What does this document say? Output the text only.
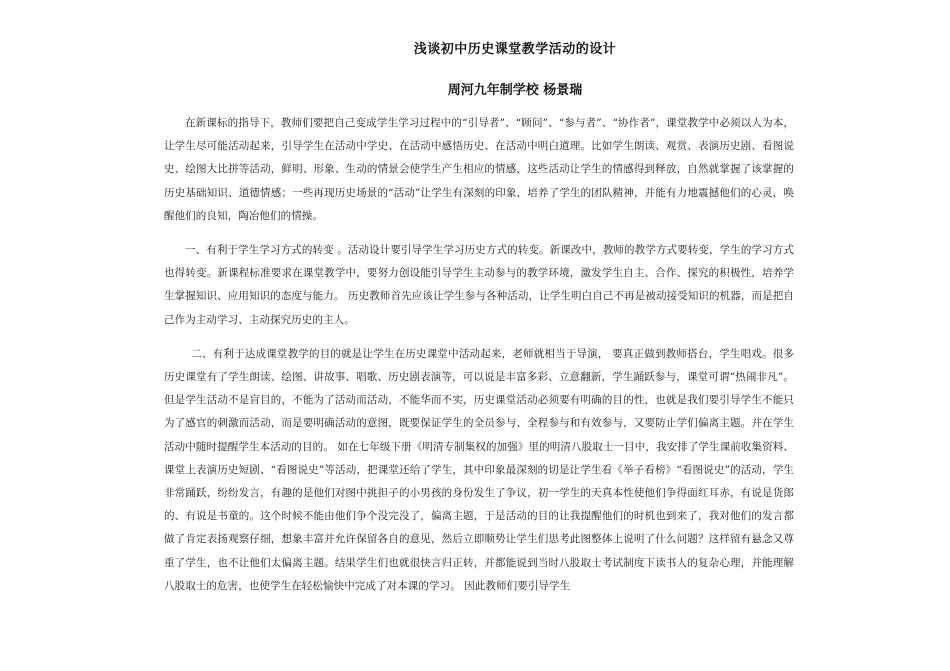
浅谈初中历史课堂教学活动的设计
周河九年制学校 杨景瑞

在新课标的指导下，教师们要把自己变成学生学习过程中的“引导者”、“顾问”、“参与者”、“协作者”，课堂教学中必须以人为本，让学生尽可能活动起来，引导学生在活动中学史、在活动中感悟历史、在活动中明白道理。比如学生朗读、观赏、表演历史剧、看图说史、绘图大比拼等活动，鲜明、形象、生动的情景会使学生产生相应的情感，这些活动让学生的情感得到释放，自然就掌握了该掌握的历史基础知识、道德情感；一些再现历史场景的“活动”让学生有深刻的印象，培养了学生的团队精神，并能有力地震撼他们的心灵，唤醒他们的良知，陶冶他们的情操。

一、有利于学生学习方式的转变 。活动设计要引导学生学习历史方式的转变。新课改中，教师的教学方式要转变，学生的学习方式也得转变。新课程标准要求在课堂教学中，要努力创设能引导学生主动参与的教学环境，激发学生自主、合作、探究的积极性，培养学生掌握知识、应用知识的态度与能力。 历史教师首先应该让学生参与各种活动，让学生明白自己不再是被动接受知识的机器，而是把自己作为主动学习、主动探究历史的主人。

二、有利于达成课堂教学的目的就是让学生在历史课堂中活动起来，老师就相当于导演， 要真正做到教师搭台，学生唱戏。很多历史课堂有了学生朗读、绘图、讲故事、唱歌、历史剧表演等，可以说是丰富多彩、立意翻新，学生踊跃参与，课堂可谓“热闹非凡”。但是学生活动不是盲目的，不能为了活动而活动，不能华而不实，历史课堂活动必须要有明确的目的性，也就是我们要引导学生不能只为了感官的刺激而活动，而是要明确活动的意图，既要保证学生的全员参与、全程参与和有效参与，又要防止学们偏离主题。并在学生活动中随时提醒学生本活动的目的。 如在七年级下册《明清专制集权的加强》里的明清八股取士一目中，我安排了学生课前收集资料、课堂上表演历史短剧、“看图说史”等活动，把课堂还给了学生，其中印象最深刻的切是让学生看《举子看榜》“看图说史”的活动，学生非常踊跃，纷纷发言，有趣的是他们对图中挑担子的小男孩的身份发生了争议，初一学生的天真本性使他们争得面红耳赤，有说是货郎的、有说是书童的。这个时候不能由他们争个没完没了，偏离主题，于是活动的目的让我提醒他们的时机也到来了，我对他们的发言都做了肯定表扬观察仔细，想象丰富并允许保留各自的意见，然后立即顺势让学生们思考此图整体上说明了什么问题？这样留有悬念又尊重了学生，也不让他们太偏离主题。结果学生们也就很快言归正转，并都能说到当时八股取士考试制度下读书人的复杂心理，并能理解八股取士的危害，也使学生在轻松愉快中完成了对本课的学习。 因此教师们要引导学生
